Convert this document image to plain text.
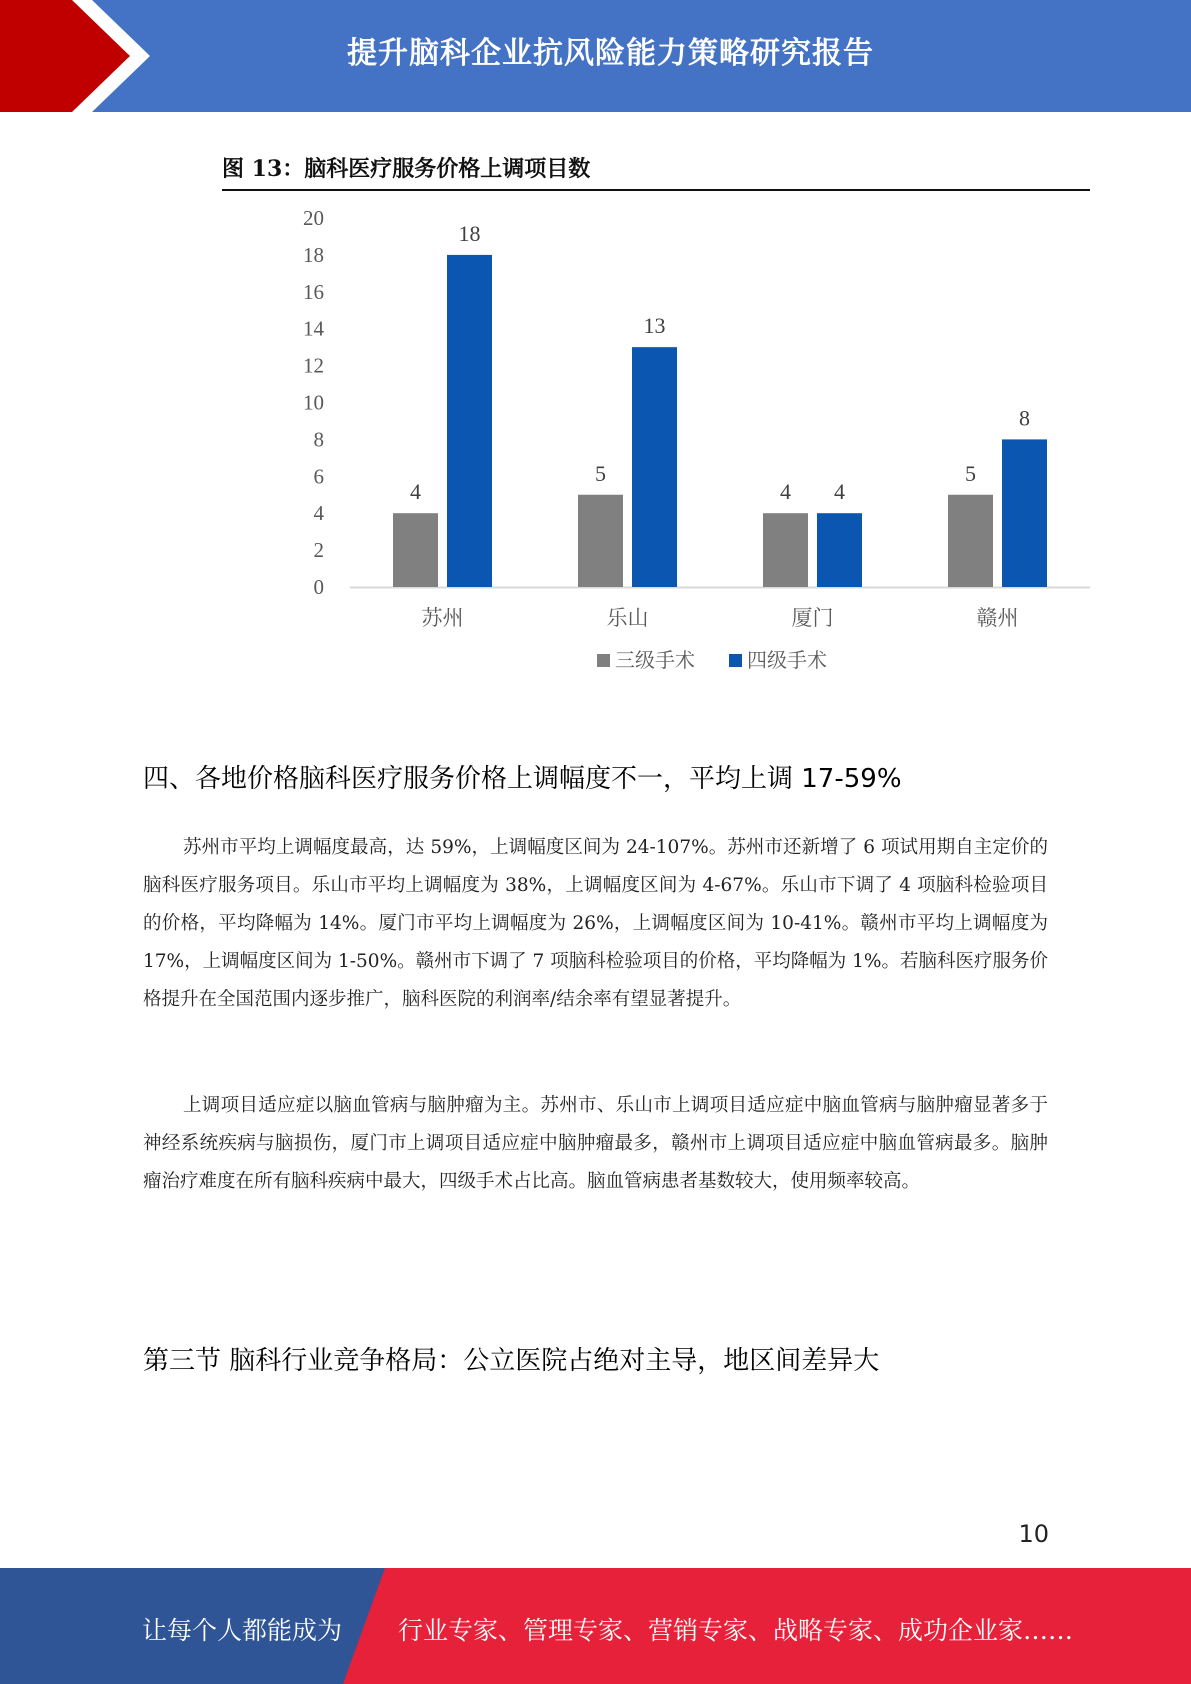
提升脑科企业抗风险能力策略研究报告
图 13：脑科医疗服务价格上调项目数
0
2
4
6
8
10
12
14
16
18
20
4
18
苏州
5
13
乐山
4 4
厦门
5
8
赣州
三级手术	四级手术
四、各地价格脑科医疗服务价格上调幅度不一，平均上调 17-59%

苏州市平均上调幅度最高，达 59%，上调幅度区间为 24-107%。苏州市还新增了 6 项试用期自主定价的脑科医疗服务项目。乐山市平均上调幅度为 38%，上调幅度区间为 4-67%。乐山市下调了 4 项脑科检验项目的价格，平均降幅为 14%。厦门市平均上调幅度为 26%，上调幅度区间为 10-41%。赣州市平均上调幅度为 17%，上调幅度区间为 1-50%。赣州市下调了 7 项脑科检验项目的价格，平均降幅为 1%。若脑科医疗服务价格提升在全国范围内逐步推广，脑科医院的利润率/结余率有望显著提升。

上调项目适应症以脑血管病与脑肿瘤为主。苏州市、乐山市上调项目适应症中脑血管病与脑肿瘤显著多于神经系统疾病与脑损伤，厦门市上调项目适应症中脑肿瘤最多，赣州市上调项目适应症中脑血管病最多。脑肿瘤治疗难度在所有脑科疾病中最大，四级手术占比高。脑血管病患者基数较大，使用频率较高。

第三节 脑科行业竞争格局：公立医院占绝对主导，地区间差异大
10
让每个人都能成为 行业专家、管理专家、营销专家、战略专家、成功企业家……
